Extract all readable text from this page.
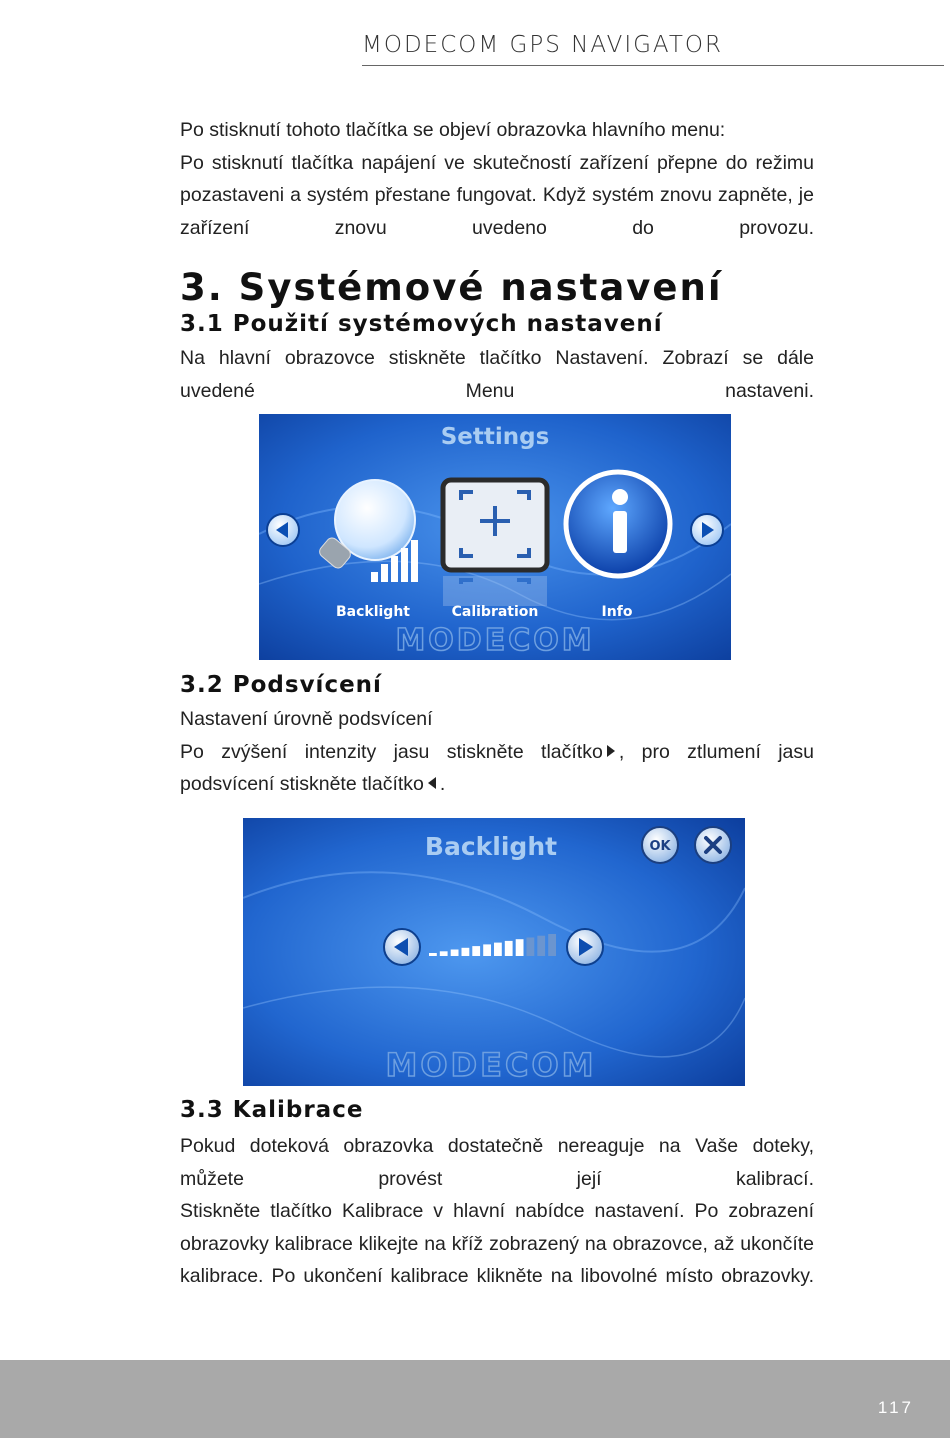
MODECOM GPS NAVIGATOR

Po stisknutí tohoto tlačítka se objeví obrazovka hlavního menu:

Po stisknutí tlačítka napájení ve skutečností zařízení přepne do režimu pozastaveni a systém přestane fungovat. Když systém znovu zapněte, je zařízení znovu uvedeno do provozu.

3. Systémové nastavení
3.1 Použití systémových nastavení

Na hlavní obrazovce stiskněte tlačítko Nastavení. Zobrazí se dále uvedené Menu nastaveni.

Settings
Backlight	Calibration	Info
MODECOM
3.2 Podsvícení

Nastavení úrovně podsvícení

Po zvýšení intenzity jasu stiskněte tlačítko , pro ztlumení jasu

podsvícení stiskněte tlačítko .

Backlight	OK
MODECOM
3.3 Kalibrace

Pokud doteková obrazovka dostatečně nereaguje na Vaše doteky, můžete provést její kalibrací.

Stiskněte tlačítko Kalibrace v hlavní nabídce nastavení. Po zobrazení obrazovky kalibrace klikejte na kříž zobrazený na obrazovce, až ukončíte kalibrace. Po ukončení kalibrace klikněte na libovolné místo obrazovky.

117
